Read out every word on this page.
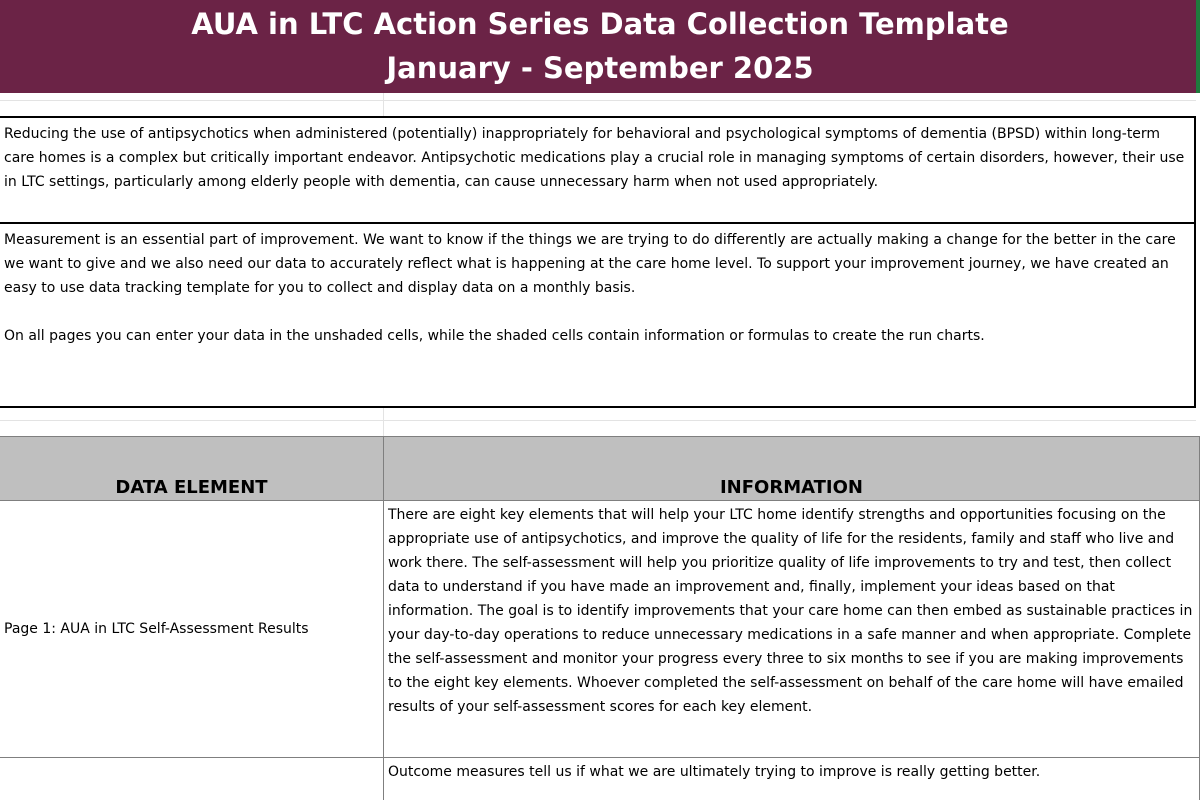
AUA in LTC Action Series Data Collection Template
January - September 2025

Reducing the use of antipsychotics when administered (potentially) inappropriately for behavioral and psychological symptoms of dementia (BPSD) within long-term care homes is a complex but critically important endeavor. Antipsychotic medications play a crucial role in managing symptoms of certain disorders, however, their use in LTC settings, particularly among elderly people with dementia, can cause unnecessary harm when not used appropriately.

Measurement is an essential part of improvement. We want to know if the things we are trying to do differently are actually making a change for the better in the care we want to give and we also need our data to accurately reflect what is happening at the care home level. To support your improvement journey, we have created an easy to use data tracking template for you to collect and display data on a monthly basis.

On all pages you can enter your data in the unshaded cells, while the shaded cells contain information or formulas to create the run charts.

DATA ELEMENT	INFORMATION
Page 1: AUA in LTC Self-Assessment Results
There are eight key elements that will help your LTC home identify strengths and opportunities focusing on the appropriate use of antipsychotics, and improve the quality of life for the residents, family and staff who live and work there. The self-assessment will help you prioritize quality of life improvements to try and test, then collect data to understand if you have made an improvement and, finally, implement your ideas based on that information. The goal is to identify improvements that your care home can then embed as sustainable practices in your day-to-day operations to reduce unnecessary medications in a safe manner and when appropriate. Complete the self-assessment and monitor your progress every three to six months to see if you are making improvements to the eight key elements. Whoever completed the self-assessment on behalf of the care home will have emailed results of your self-assessment scores for each key element.
Outcome measures tell us if what we are ultimately trying to improve is really getting better.
